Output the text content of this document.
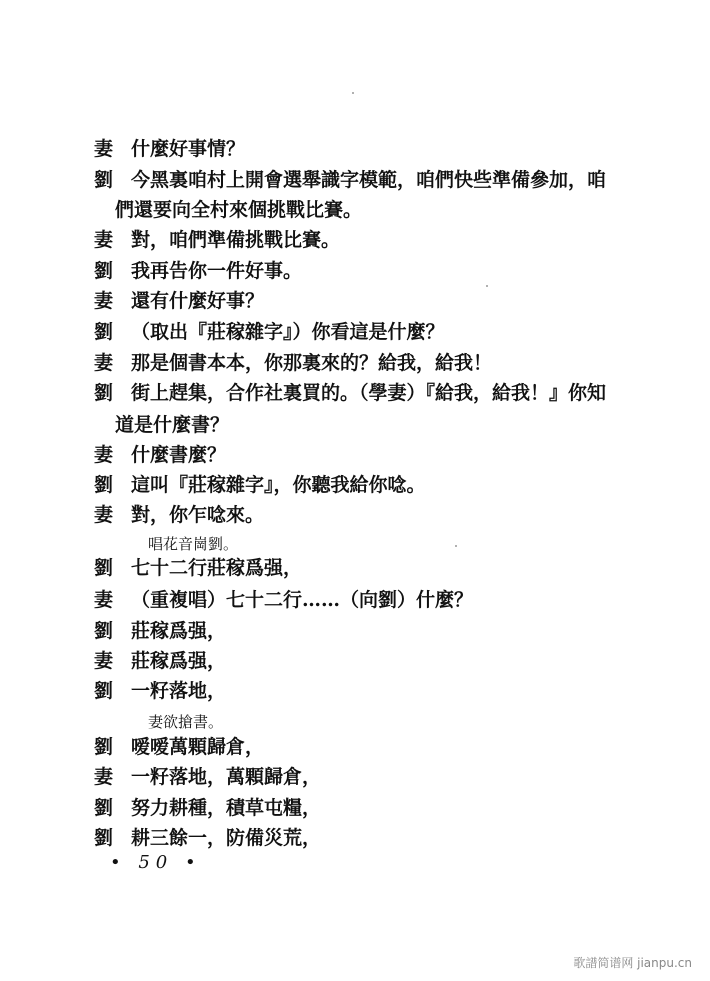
妻 什麼好事情？
劉 今黑裏咱村上開會選舉識字模範，咱們快些準備參加，咱
們還要向全村來個挑戰比賽。
妻 對，咱們準備挑戰比賽。
劉 我再告你一件好事。
妻 還有什麼好事？
劉 （取出『莊稼雜字』）你看這是什麼？
妻 那是個書本本，你那裏來的？給我，給我！
劉 街上趕集，合作社裏買的。（學妻）『給我，給我！』你知
道是什麼書？
妻 什麼書麼？
劉 這叫『莊稼雜字』，你聽我給你唸。
妻 對，你乍唸來。
唱花音崗劉。
劉 七十二行莊稼爲强，
妻 （重複唱）七十二行……（向劉）什麼？
劉 莊稼爲强，
妻 莊稼爲强，
劉 一籽落地，
妻欲搶書。
劉 嗳嗳萬顆歸倉，
妻 一籽落地，萬顆歸倉，
劉 努力耕種，積草屯糧，
劉 耕三餘一，防備災荒，
• 50 •
歌譜简谱网 jianpu.cn
